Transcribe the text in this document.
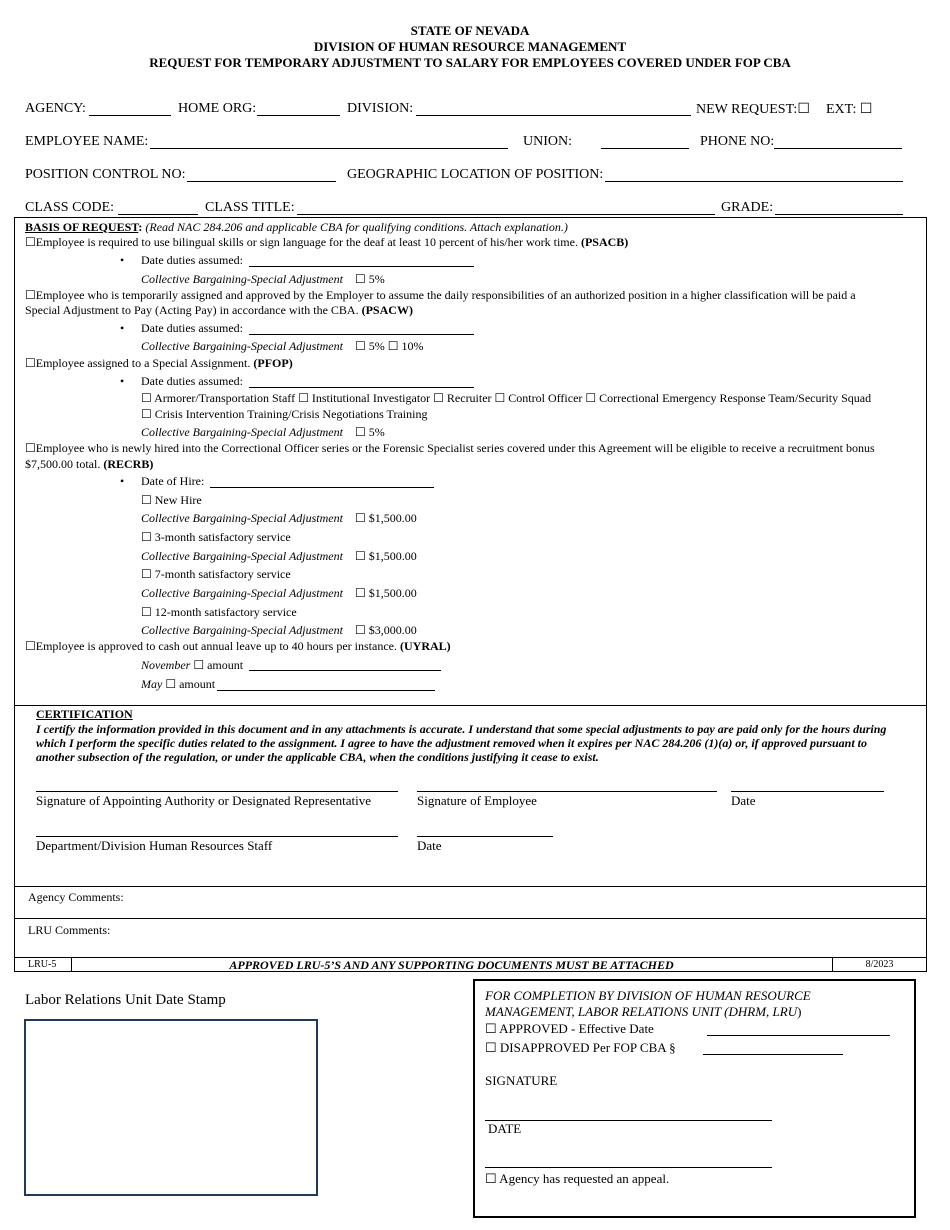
STATE OF NEVADA
DIVISION OF HUMAN RESOURCE MANAGEMENT
REQUEST FOR TEMPORARY ADJUSTMENT TO SALARY FOR EMPLOYEES COVERED UNDER FOP CBA
AGENCY:	HOME ORG:	DIVISION:	NEW REQUEST:☐ EXT: ☐
EMPLOYEE NAME:	UNION:	PHONE NO:
POSITION CONTROL NO:	GEOGRAPHIC LOCATION OF POSITION:
CLASS CODE:	CLASS TITLE:	GRADE:
BASIS OF REQUEST: (Read NAC 284.206 and applicable CBA for qualifying conditions. Attach explanation.)
☐Employee is required to use bilingual skills or sign language for the deaf at least 10 percent of his/her work time. (PSACB)
• Date duties assumed:
Collective Bargaining-Special Adjustment ☐ 5%
☐Employee who is temporarily assigned and approved by the Employer to assume the daily responsibilities of an authorized position in a higher classification will be paid a
Special Adjustment to Pay (Acting Pay) in accordance with the CBA. (PSACW)
• Date duties assumed:
Collective Bargaining-Special Adjustment ☐ 5% ☐ 10%
☐Employee assigned to a Special Assignment. (PFOP)
• Date duties assumed:
☐ Armorer/Transportation Staff ☐ Institutional Investigator ☐ Recruiter ☐ Control Officer ☐ Correctional Emergency Response Team/Security Squad
☐ Crisis Intervention Training/Crisis Negotiations Training
Collective Bargaining-Special Adjustment ☐ 5%
☐Employee who is newly hired into the Correctional Officer series or the Forensic Specialist series covered under this Agreement will be eligible to receive a recruitment bonus
$7,500.00 total. (RECRB)
• Date of Hire:
☐ New Hire
Collective Bargaining-Special Adjustment ☐ $1,500.00
☐ 3-month satisfactory service
Collective Bargaining-Special Adjustment ☐ $1,500.00
☐ 7-month satisfactory service
Collective Bargaining-Special Adjustment ☐ $1,500.00
☐ 12-month satisfactory service
Collective Bargaining-Special Adjustment ☐ $3,000.00
☐Employee is approved to cash out annual leave up to 40 hours per instance. (UYRAL)
November ☐ amount
May ☐ amount
CERTIFICATION
I certify the information provided in this document and in any attachments is accurate. I understand that some special adjustments to pay are paid only for the hours during which I perform the specific duties related to the assignment. I agree to have the adjustment removed when it expires per NAC 284.206 (1)(a) or, if approved pursuant to another subsection of the regulation, or under the applicable CBA, when the conditions justifying it cease to exist.
Signature of Appointing Authority or Designated Representative	Signature of Employee	Date
Department/Division Human Resources Staff	Date
Agency Comments:
LRU Comments:
LRU-5	APPROVED LRU-5’S AND ANY SUPPORTING DOCUMENTS MUST BE ATTACHED	8/2023
Labor Relations Unit Date Stamp	FOR COMPLETION BY DIVISION OF HUMAN RESOURCE
MANAGEMENT, LABOR RELATIONS UNIT (DHRM, LRU)
☐ APPROVED - Effective Date
☐ DISAPPROVED Per FOP CBA §
SIGNATURE
DATE
☐ Agency has requested an appeal.
